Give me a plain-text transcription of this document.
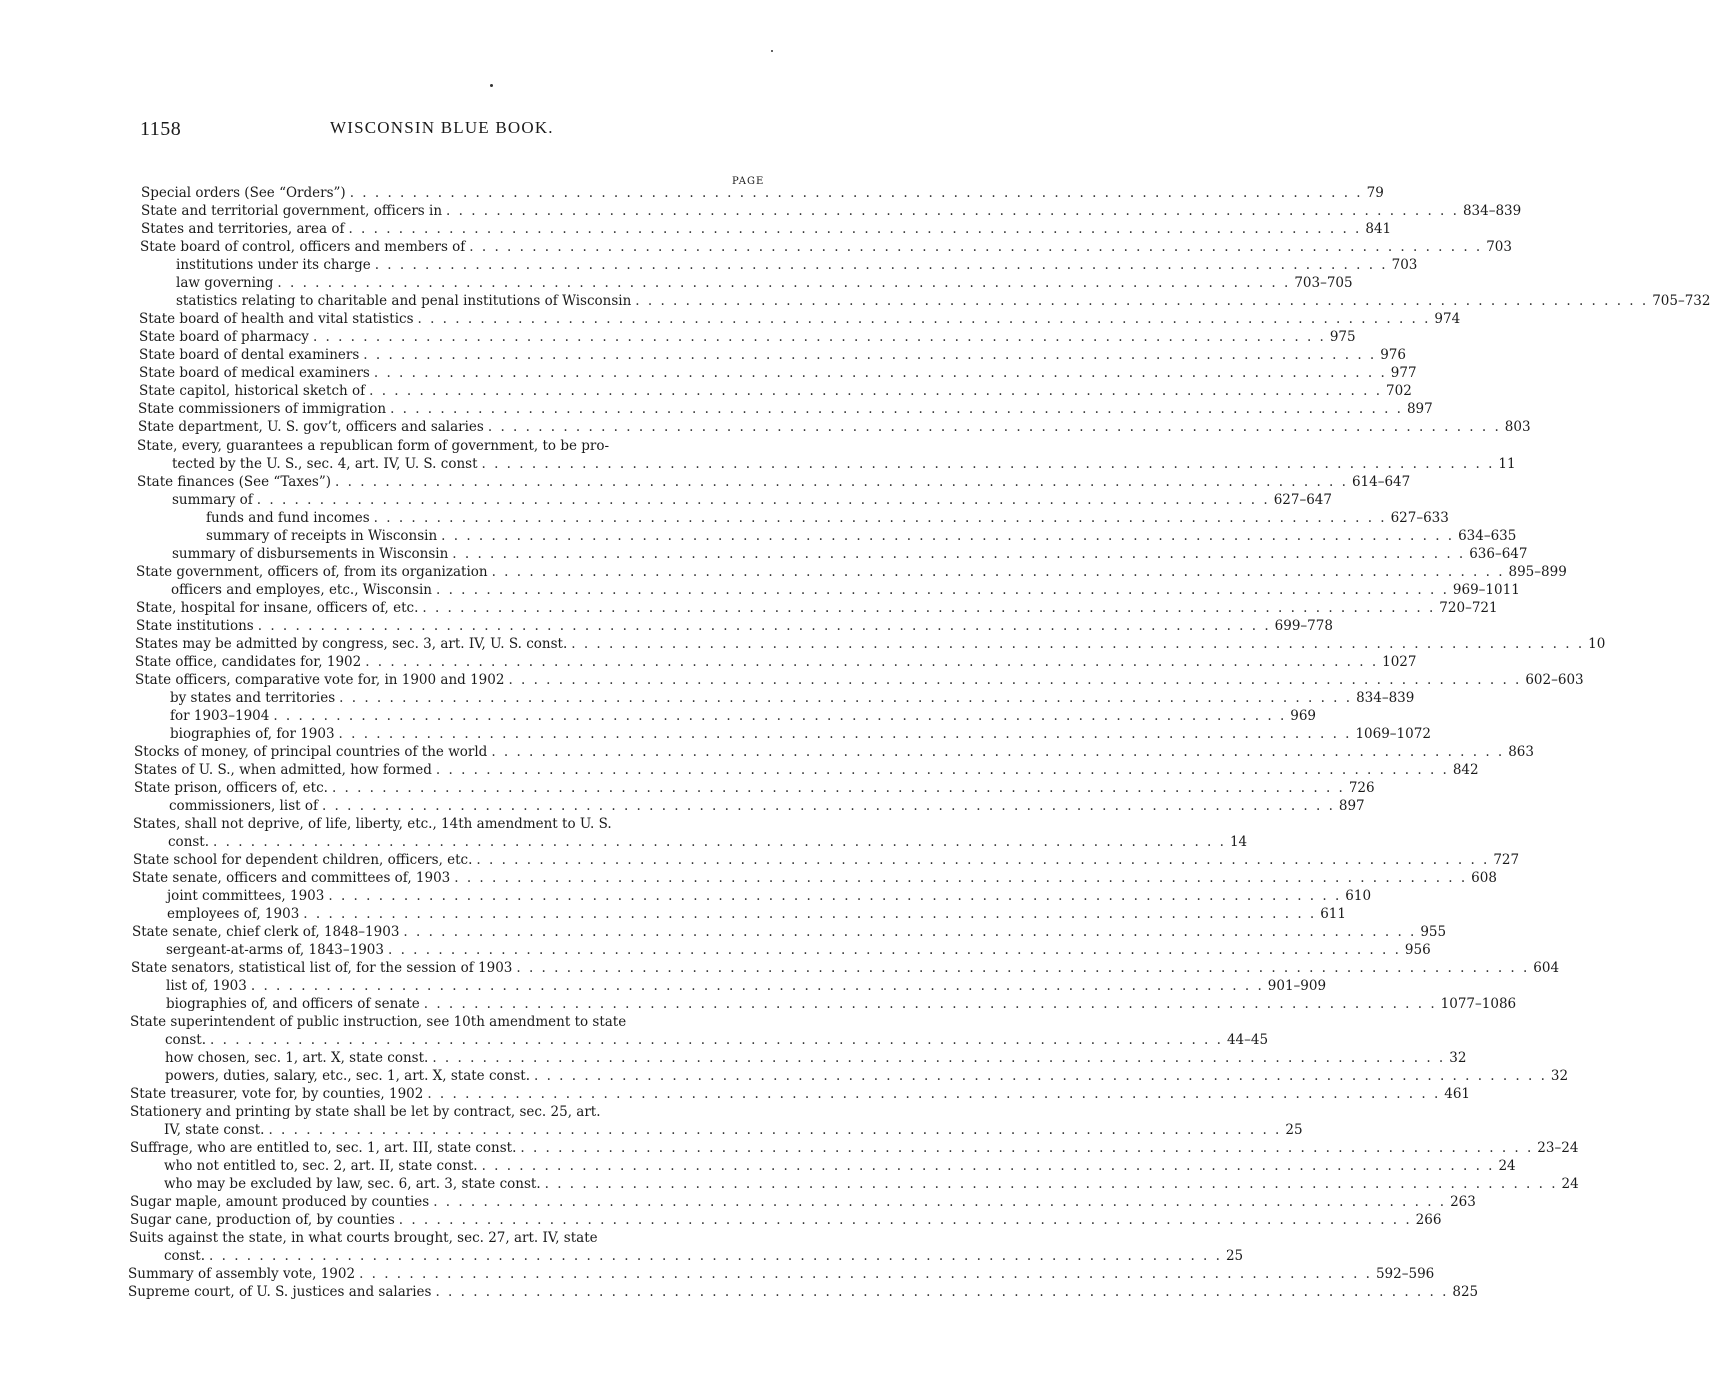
1158	WISCONSIN BLUE BOOK.
PAGE
Special orders (See “Orders”) . . . . . . . . . . . . . . . . . . . . . . . . . . . . . . . . . . . . . . . . . . . . . . . . . . . . . . . . . . . . . . . . . . . . . . . . . . . . . . . . . 79
State and territorial government, officers in . . . . . . . . . . . . . . . . . . . . . . . . . . . . . . . . . . . . . . . . . . . . . . . . . . . . . . . . . . . . . . . . . . . . . . . . . . . . . . . . . 834–839
States and territories, area of . . . . . . . . . . . . . . . . . . . . . . . . . . . . . . . . . . . . . . . . . . . . . . . . . . . . . . . . . . . . . . . . . . . . . . . . . . . . . . . . . 841
State board of control, officers and members of . . . . . . . . . . . . . . . . . . . . . . . . . . . . . . . . . . . . . . . . . . . . . . . . . . . . . . . . . . . . . . . . . . . . . . . . . . . . . . . . . 703
institutions under its charge . . . . . . . . . . . . . . . . . . . . . . . . . . . . . . . . . . . . . . . . . . . . . . . . . . . . . . . . . . . . . . . . . . . . . . . . . . . . . . . . . 703
law governing . . . . . . . . . . . . . . . . . . . . . . . . . . . . . . . . . . . . . . . . . . . . . . . . . . . . . . . . . . . . . . . . . . . . . . . . . . . . . . . . . 703–705
statistics relating to charitable and penal institutions of Wisconsin . . . . . . . . . . . . . . . . . . . . . . . . . . . . . . . . . . . . . . . . . . . . . . . . . . . . . . . . . . . . . . . . . . . . . . . . . . . . . . . . . 705–732
State board of health and vital statistics . . . . . . . . . . . . . . . . . . . . . . . . . . . . . . . . . . . . . . . . . . . . . . . . . . . . . . . . . . . . . . . . . . . . . . . . . . . . . . . . . 974
State board of pharmacy . . . . . . . . . . . . . . . . . . . . . . . . . . . . . . . . . . . . . . . . . . . . . . . . . . . . . . . . . . . . . . . . . . . . . . . . . . . . . . . . . 975
State board of dental examiners . . . . . . . . . . . . . . . . . . . . . . . . . . . . . . . . . . . . . . . . . . . . . . . . . . . . . . . . . . . . . . . . . . . . . . . . . . . . . . . . . 976
State board of medical examiners . . . . . . . . . . . . . . . . . . . . . . . . . . . . . . . . . . . . . . . . . . . . . . . . . . . . . . . . . . . . . . . . . . . . . . . . . . . . . . . . . 977
State capitol, historical sketch of . . . . . . . . . . . . . . . . . . . . . . . . . . . . . . . . . . . . . . . . . . . . . . . . . . . . . . . . . . . . . . . . . . . . . . . . . . . . . . . . . 702
State commissioners of immigration . . . . . . . . . . . . . . . . . . . . . . . . . . . . . . . . . . . . . . . . . . . . . . . . . . . . . . . . . . . . . . . . . . . . . . . . . . . . . . . . . 897
State department, U. S. gov’t, officers and salaries . . . . . . . . . . . . . . . . . . . . . . . . . . . . . . . . . . . . . . . . . . . . . . . . . . . . . . . . . . . . . . . . . . . . . . . . . . . . . . . . . 803
State, every, guarantees a republican form of government, to be pro-
tected by the U. S., sec. 4, art. IV, U. S. const . . . . . . . . . . . . . . . . . . . . . . . . . . . . . . . . . . . . . . . . . . . . . . . . . . . . . . . . . . . . . . . . . . . . . . . . . . . . . . . . . 11
State finances (See “Taxes”) . . . . . . . . . . . . . . . . . . . . . . . . . . . . . . . . . . . . . . . . . . . . . . . . . . . . . . . . . . . . . . . . . . . . . . . . . . . . . . . . . 614–647
summary of . . . . . . . . . . . . . . . . . . . . . . . . . . . . . . . . . . . . . . . . . . . . . . . . . . . . . . . . . . . . . . . . . . . . . . . . . . . . . . . . . 627–647
funds and fund incomes . . . . . . . . . . . . . . . . . . . . . . . . . . . . . . . . . . . . . . . . . . . . . . . . . . . . . . . . . . . . . . . . . . . . . . . . . . . . . . . . . 627–633
summary of receipts in Wisconsin . . . . . . . . . . . . . . . . . . . . . . . . . . . . . . . . . . . . . . . . . . . . . . . . . . . . . . . . . . . . . . . . . . . . . . . . . . . . . . . . . 634–635
summary of disbursements in Wisconsin . . . . . . . . . . . . . . . . . . . . . . . . . . . . . . . . . . . . . . . . . . . . . . . . . . . . . . . . . . . . . . . . . . . . . . . . . . . . . . . . . 636–647
State government, officers of, from its organization . . . . . . . . . . . . . . . . . . . . . . . . . . . . . . . . . . . . . . . . . . . . . . . . . . . . . . . . . . . . . . . . . . . . . . . . . . . . . . . . . 895–899
officers and employes, etc., Wisconsin . . . . . . . . . . . . . . . . . . . . . . . . . . . . . . . . . . . . . . . . . . . . . . . . . . . . . . . . . . . . . . . . . . . . . . . . . . . . . . . . . 969–1011
State, hospital for insane, officers of, etc. . . . . . . . . . . . . . . . . . . . . . . . . . . . . . . . . . . . . . . . . . . . . . . . . . . . . . . . . . . . . . . . . . . . . . . . . . . . . . . . . . 720–721
State institutions . . . . . . . . . . . . . . . . . . . . . . . . . . . . . . . . . . . . . . . . . . . . . . . . . . . . . . . . . . . . . . . . . . . . . . . . . . . . . . . . . 699–778
States may be admitted by congress, sec. 3, art. IV, U. S. const. . . . . . . . . . . . . . . . . . . . . . . . . . . . . . . . . . . . . . . . . . . . . . . . . . . . . . . . . . . . . . . . . . . . . . . . . . . . . . . . . . 10
State office, candidates for, 1902 . . . . . . . . . . . . . . . . . . . . . . . . . . . . . . . . . . . . . . . . . . . . . . . . . . . . . . . . . . . . . . . . . . . . . . . . . . . . . . . . . 1027
State officers, comparative vote for, in 1900 and 1902 . . . . . . . . . . . . . . . . . . . . . . . . . . . . . . . . . . . . . . . . . . . . . . . . . . . . . . . . . . . . . . . . . . . . . . . . . . . . . . . . . 602–603
by states and territories . . . . . . . . . . . . . . . . . . . . . . . . . . . . . . . . . . . . . . . . . . . . . . . . . . . . . . . . . . . . . . . . . . . . . . . . . . . . . . . . . 834–839
for 1903–1904 . . . . . . . . . . . . . . . . . . . . . . . . . . . . . . . . . . . . . . . . . . . . . . . . . . . . . . . . . . . . . . . . . . . . . . . . . . . . . . . . . 969
biographies of, for 1903 . . . . . . . . . . . . . . . . . . . . . . . . . . . . . . . . . . . . . . . . . . . . . . . . . . . . . . . . . . . . . . . . . . . . . . . . . . . . . . . . . 1069–1072
Stocks of money, of principal countries of the world . . . . . . . . . . . . . . . . . . . . . . . . . . . . . . . . . . . . . . . . . . . . . . . . . . . . . . . . . . . . . . . . . . . . . . . . . . . . . . . . . 863
States of U. S., when admitted, how formed . . . . . . . . . . . . . . . . . . . . . . . . . . . . . . . . . . . . . . . . . . . . . . . . . . . . . . . . . . . . . . . . . . . . . . . . . . . . . . . . . 842
State prison, officers of, etc. . . . . . . . . . . . . . . . . . . . . . . . . . . . . . . . . . . . . . . . . . . . . . . . . . . . . . . . . . . . . . . . . . . . . . . . . . . . . . . . . . 726
commissioners, list of . . . . . . . . . . . . . . . . . . . . . . . . . . . . . . . . . . . . . . . . . . . . . . . . . . . . . . . . . . . . . . . . . . . . . . . . . . . . . . . . . 897
States, shall not deprive, of life, liberty, etc., 14th amendment to U. S.
const. . . . . . . . . . . . . . . . . . . . . . . . . . . . . . . . . . . . . . . . . . . . . . . . . . . . . . . . . . . . . . . . . . . . . . . . . . . . . . . . . . 14
State school for dependent children, officers, etc. . . . . . . . . . . . . . . . . . . . . . . . . . . . . . . . . . . . . . . . . . . . . . . . . . . . . . . . . . . . . . . . . . . . . . . . . . . . . . . . . . 727
State senate, officers and committees of, 1903 . . . . . . . . . . . . . . . . . . . . . . . . . . . . . . . . . . . . . . . . . . . . . . . . . . . . . . . . . . . . . . . . . . . . . . . . . . . . . . . . . 608
joint committees, 1903 . . . . . . . . . . . . . . . . . . . . . . . . . . . . . . . . . . . . . . . . . . . . . . . . . . . . . . . . . . . . . . . . . . . . . . . . . . . . . . . . . 610
employees of, 1903 . . . . . . . . . . . . . . . . . . . . . . . . . . . . . . . . . . . . . . . . . . . . . . . . . . . . . . . . . . . . . . . . . . . . . . . . . . . . . . . . . 611
State senate, chief clerk of, 1848–1903 . . . . . . . . . . . . . . . . . . . . . . . . . . . . . . . . . . . . . . . . . . . . . . . . . . . . . . . . . . . . . . . . . . . . . . . . . . . . . . . . . 955
sergeant-at-arms of, 1843–1903 . . . . . . . . . . . . . . . . . . . . . . . . . . . . . . . . . . . . . . . . . . . . . . . . . . . . . . . . . . . . . . . . . . . . . . . . . . . . . . . . . 956
State senators, statistical list of, for the session of 1903 . . . . . . . . . . . . . . . . . . . . . . . . . . . . . . . . . . . . . . . . . . . . . . . . . . . . . . . . . . . . . . . . . . . . . . . . . . . . . . . . . 604
list of, 1903 . . . . . . . . . . . . . . . . . . . . . . . . . . . . . . . . . . . . . . . . . . . . . . . . . . . . . . . . . . . . . . . . . . . . . . . . . . . . . . . . . 901–909
biographies of, and officers of senate . . . . . . . . . . . . . . . . . . . . . . . . . . . . . . . . . . . . . . . . . . . . . . . . . . . . . . . . . . . . . . . . . . . . . . . . . . . . . . . . . 1077–1086
State superintendent of public instruction, see 10th amendment to state
const. . . . . . . . . . . . . . . . . . . . . . . . . . . . . . . . . . . . . . . . . . . . . . . . . . . . . . . . . . . . . . . . . . . . . . . . . . . . . . . . . . 44–45
how chosen, sec. 1, art. X, state const. . . . . . . . . . . . . . . . . . . . . . . . . . . . . . . . . . . . . . . . . . . . . . . . . . . . . . . . . . . . . . . . . . . . . . . . . . . . . . . . . . 32
powers, duties, salary, etc., sec. 1, art. X, state const. . . . . . . . . . . . . . . . . . . . . . . . . . . . . . . . . . . . . . . . . . . . . . . . . . . . . . . . . . . . . . . . . . . . . . . . . . . . . . . . . . 32
State treasurer, vote for, by counties, 1902 . . . . . . . . . . . . . . . . . . . . . . . . . . . . . . . . . . . . . . . . . . . . . . . . . . . . . . . . . . . . . . . . . . . . . . . . . . . . . . . . . 461
Stationery and printing by state shall be let by contract, sec. 25, art.
IV, state const. . . . . . . . . . . . . . . . . . . . . . . . . . . . . . . . . . . . . . . . . . . . . . . . . . . . . . . . . . . . . . . . . . . . . . . . . . . . . . . . . . 25
Suffrage, who are entitled to, sec. 1, art. III, state const. . . . . . . . . . . . . . . . . . . . . . . . . . . . . . . . . . . . . . . . . . . . . . . . . . . . . . . . . . . . . . . . . . . . . . . . . . . . . . . . . . 23–24
who not entitled to, sec. 2, art. II, state const. . . . . . . . . . . . . . . . . . . . . . . . . . . . . . . . . . . . . . . . . . . . . . . . . . . . . . . . . . . . . . . . . . . . . . . . . . . . . . . . . . 24
who may be excluded by law, sec. 6, art. 3, state const. . . . . . . . . . . . . . . . . . . . . . . . . . . . . . . . . . . . . . . . . . . . . . . . . . . . . . . . . . . . . . . . . . . . . . . . . . . . . . . . . . 24
Sugar maple, amount produced by counties . . . . . . . . . . . . . . . . . . . . . . . . . . . . . . . . . . . . . . . . . . . . . . . . . . . . . . . . . . . . . . . . . . . . . . . . . . . . . . . . . 263
Sugar cane, production of, by counties . . . . . . . . . . . . . . . . . . . . . . . . . . . . . . . . . . . . . . . . . . . . . . . . . . . . . . . . . . . . . . . . . . . . . . . . . . . . . . . . . 266
Suits against the state, in what courts brought, sec. 27, art. IV, state
const. . . . . . . . . . . . . . . . . . . . . . . . . . . . . . . . . . . . . . . . . . . . . . . . . . . . . . . . . . . . . . . . . . . . . . . . . . . . . . . . . . 25
Summary of assembly vote, 1902 . . . . . . . . . . . . . . . . . . . . . . . . . . . . . . . . . . . . . . . . . . . . . . . . . . . . . . . . . . . . . . . . . . . . . . . . . . . . . . . . . 592–596
Supreme court, of U. S. justices and salaries . . . . . . . . . . . . . . . . . . . . . . . . . . . . . . . . . . . . . . . . . . . . . . . . . . . . . . . . . . . . . . . . . . . . . . . . . . . . . . . . . 825
